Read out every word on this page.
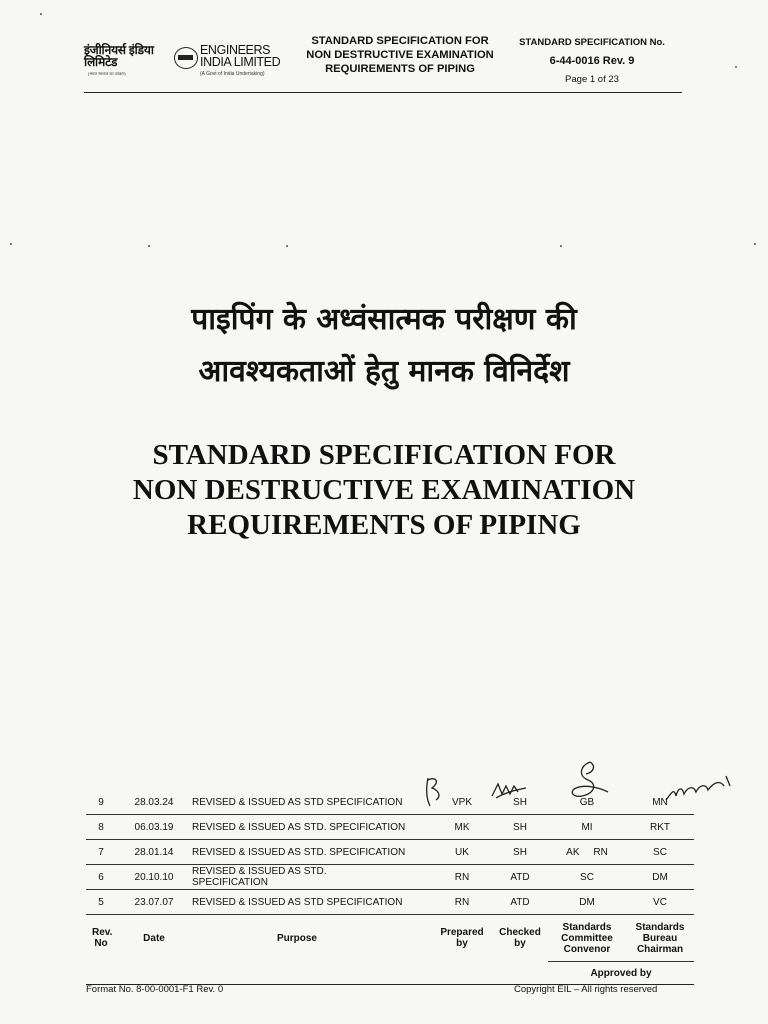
इंजीनियर्स इंडिया लिमिटेड
(भारत सरकार का उपक्रम)
ENGINEERS INDIA LIMITED
(A Govt of India Undertaking)
STANDARD SPECIFICATION FOR NON DESTRUCTIVE EXAMINATION REQUIREMENTS OF PIPING
STANDARD SPECIFICATION No.
6-44-0016 Rev. 9
Page 1 of 23
पाइपिंग के अध्वंसात्मक परीक्षण की
आवश्यकताओं हेतु मानक विनिर्देश
STANDARD SPECIFICATION FOR
NON DESTRUCTIVE EXAMINATION
REQUIREMENTS OF PIPING
9	28.03.24	REVISED & ISSUED AS STD SPECIFICATION	VPK	SH	GB	MN
8	06.03.19	REVISED & ISSUED AS STD. SPECIFICATION	MK	SH	MI	RKT
7	28.01.14	REVISED & ISSUED AS STD. SPECIFICATION	UK	SH	AK     RN	SC
6	20.10.10	REVISED & ISSUED AS STD. SPECIFICATION	RN	ATD	SC	DM
5	23.07.07	REVISED & ISSUED AS STD SPECIFICATION	RN	ATD	DM	VC
Rev. No	Date	Purpose	Prepared by	Checked by	Standards Committee Convenor	Standards Bureau Chairman
					Approved by	
Format No. 8-00-0001-F1 Rev. 0	Copyright EIL – All rights reserved
